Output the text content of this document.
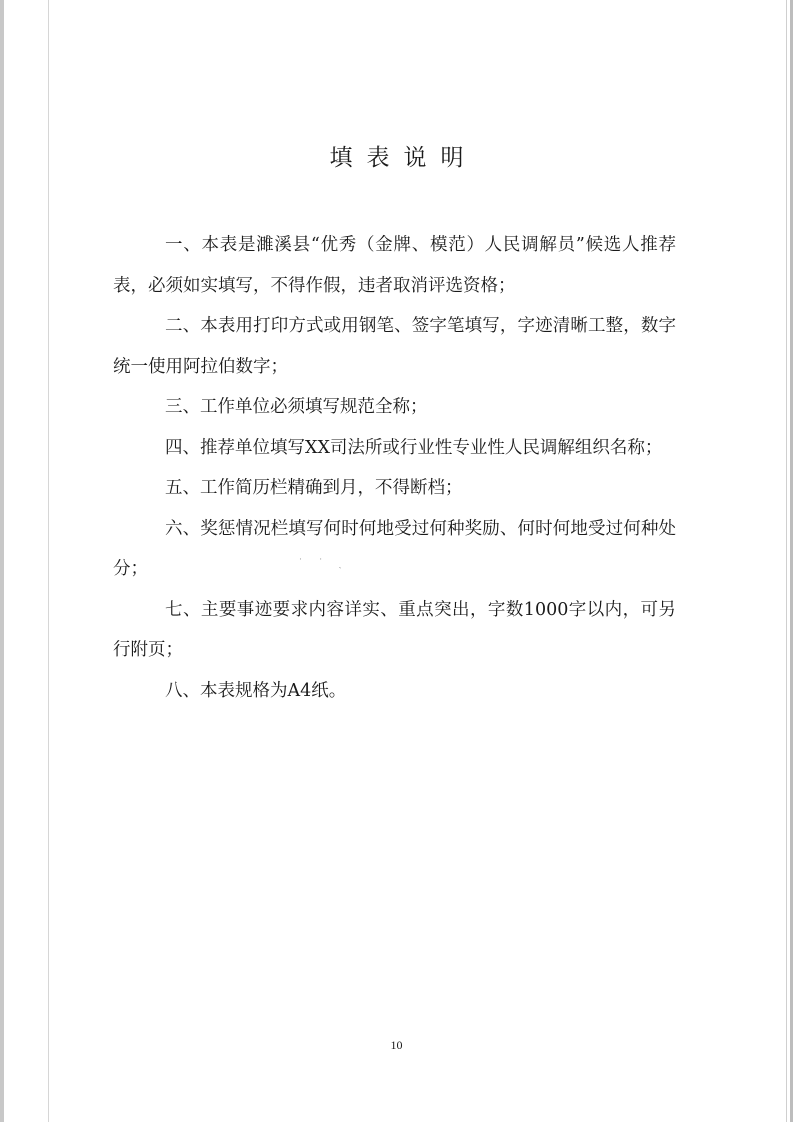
填表说明

一、本表是濉溪县“优秀（金牌、模范）人民调解员”候选人推荐表，必须如实填写，不得作假，违者取消评选资格；

二、本表用打印方式或用钢笔、签字笔填写，字迹清晰工整，数字统一使用阿拉伯数字；

三、工作单位必须填写规范全称；

四、推荐单位填写XX司法所或行业性专业性人民调解组织名称；

五、工作简历栏精确到月，不得断档；

六、奖惩情况栏填写何时何地受过何种奖励、何时何地受过何种处分；

七、主要事迹要求内容详实、重点突出，字数1000字以内，可另行附页；

八、本表规格为A4纸。

˙ ˙ ˎ
10
